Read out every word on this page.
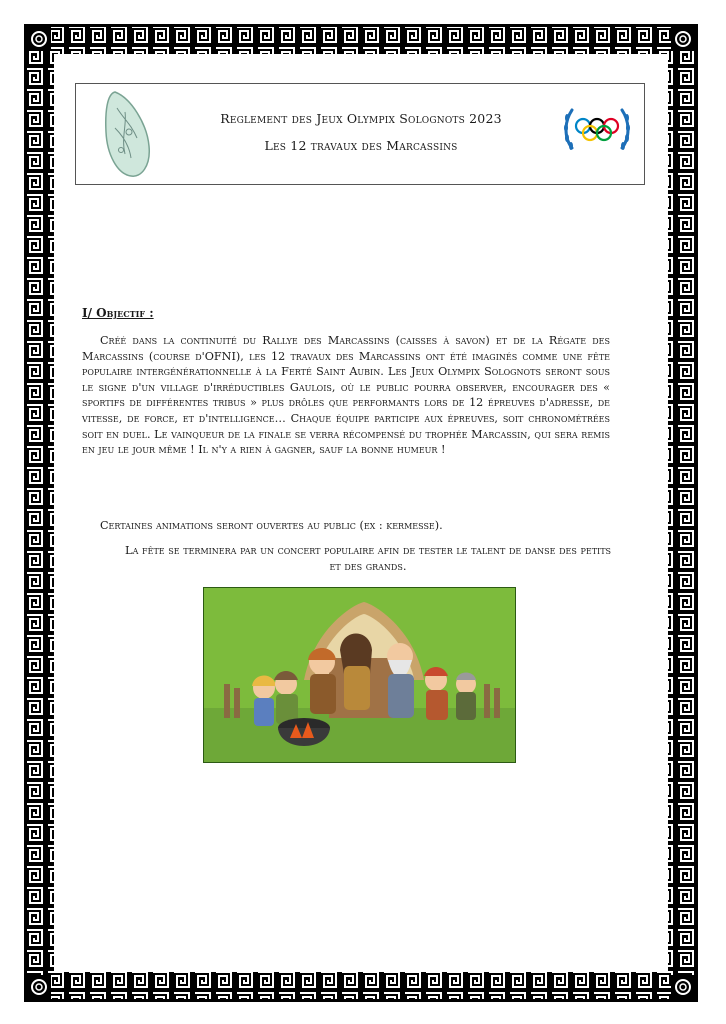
Reglement des Jeux Olympix Solognots 2023
Les 12 travaux des Marcassins
I/ Objectif :
Créé dans la continuité du Rallye des Marcassins (caisses à savon) et de la Régate des Marcassins (course d'OFNI), les 12 travaux des Marcassins ont été imaginés comme une fête populaire intergénérationnelle à la Ferté Saint Aubin. Les Jeux Olympix Solognots seront sous le signe d'un village d'irréductibles Gaulois, où le public pourra observer, encourager des « sportifs de différentes tribus » plus drôles que performants lors de 12 épreuves d'adresse, de vitesse, de force, et d'intelligence… Chaque équipe participe aux épreuves, soit chronométrées soit en duel. Le vainqueur de la finale se verra récompensé du trophée Marcassin, qui sera remis en jeu le jour même ! Il n'y a rien à gagner, sauf la bonne humeur !
Certaines animations seront ouvertes au public (ex : kermesse).
La fête se terminera par un concert populaire afin de tester le talent de danse des petits et des grands.
